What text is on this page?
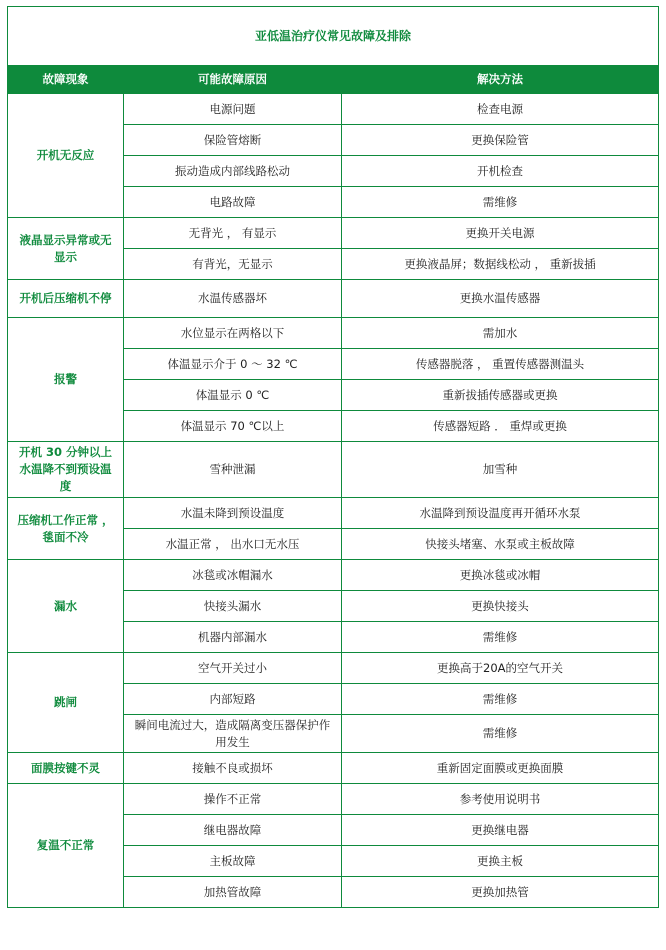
亚低温治疗仪常见故障及排除		
故障现象	可能故障原因	解决方法
开机无反应	电源问题	检查电源
	保险管熔断	更换保险管
	振动造成内部线路松动	开机检查
	电路故障	需维修
液晶显示异常或无显示	无背光 ， 有显示	更换开关电源
	有背光，无显示	更换液晶屏；数据线松动 ， 重新拔插
开机后压缩机不停	水温传感器坏	更换水温传感器
报警	水位显示在两格以下	需加水
	体温显示介于 0 ～ 32 ℃	传感器脱落 ， 重置传感器测温头
	体温显示 0 ℃	重新拔插传感器或更换
	体温显示 70 ℃以上	传感器短路 ． 重焊或更换
开机 30 分钟以上水温降不到预设温度	雪种泄漏	加雪种
压缩机工作正常 ， 毯面不冷	水温未降到预设温度	水温降到预设温度再开循环水泵
	水温正常 ， 出水口无水压	快接头堵塞、水泵或主板故障
漏水	冰毯或冰帽漏水	更换冰毯或冰帽
	快接头漏水	更换快接头
	机器内部漏水	需维修
跳闸	空气开关过小	更换高于20A的空气开关
	内部短路	需维修
	瞬间电流过大，造成隔离变压器保护作用发生	需维修
面膜按键不灵	接触不良或损坏	重新固定面膜或更换面膜
复温不正常	操作不正常	参考使用说明书
	继电器故障	更换继电器
	主板故障	更换主板
	加热管故障	更换加热管
